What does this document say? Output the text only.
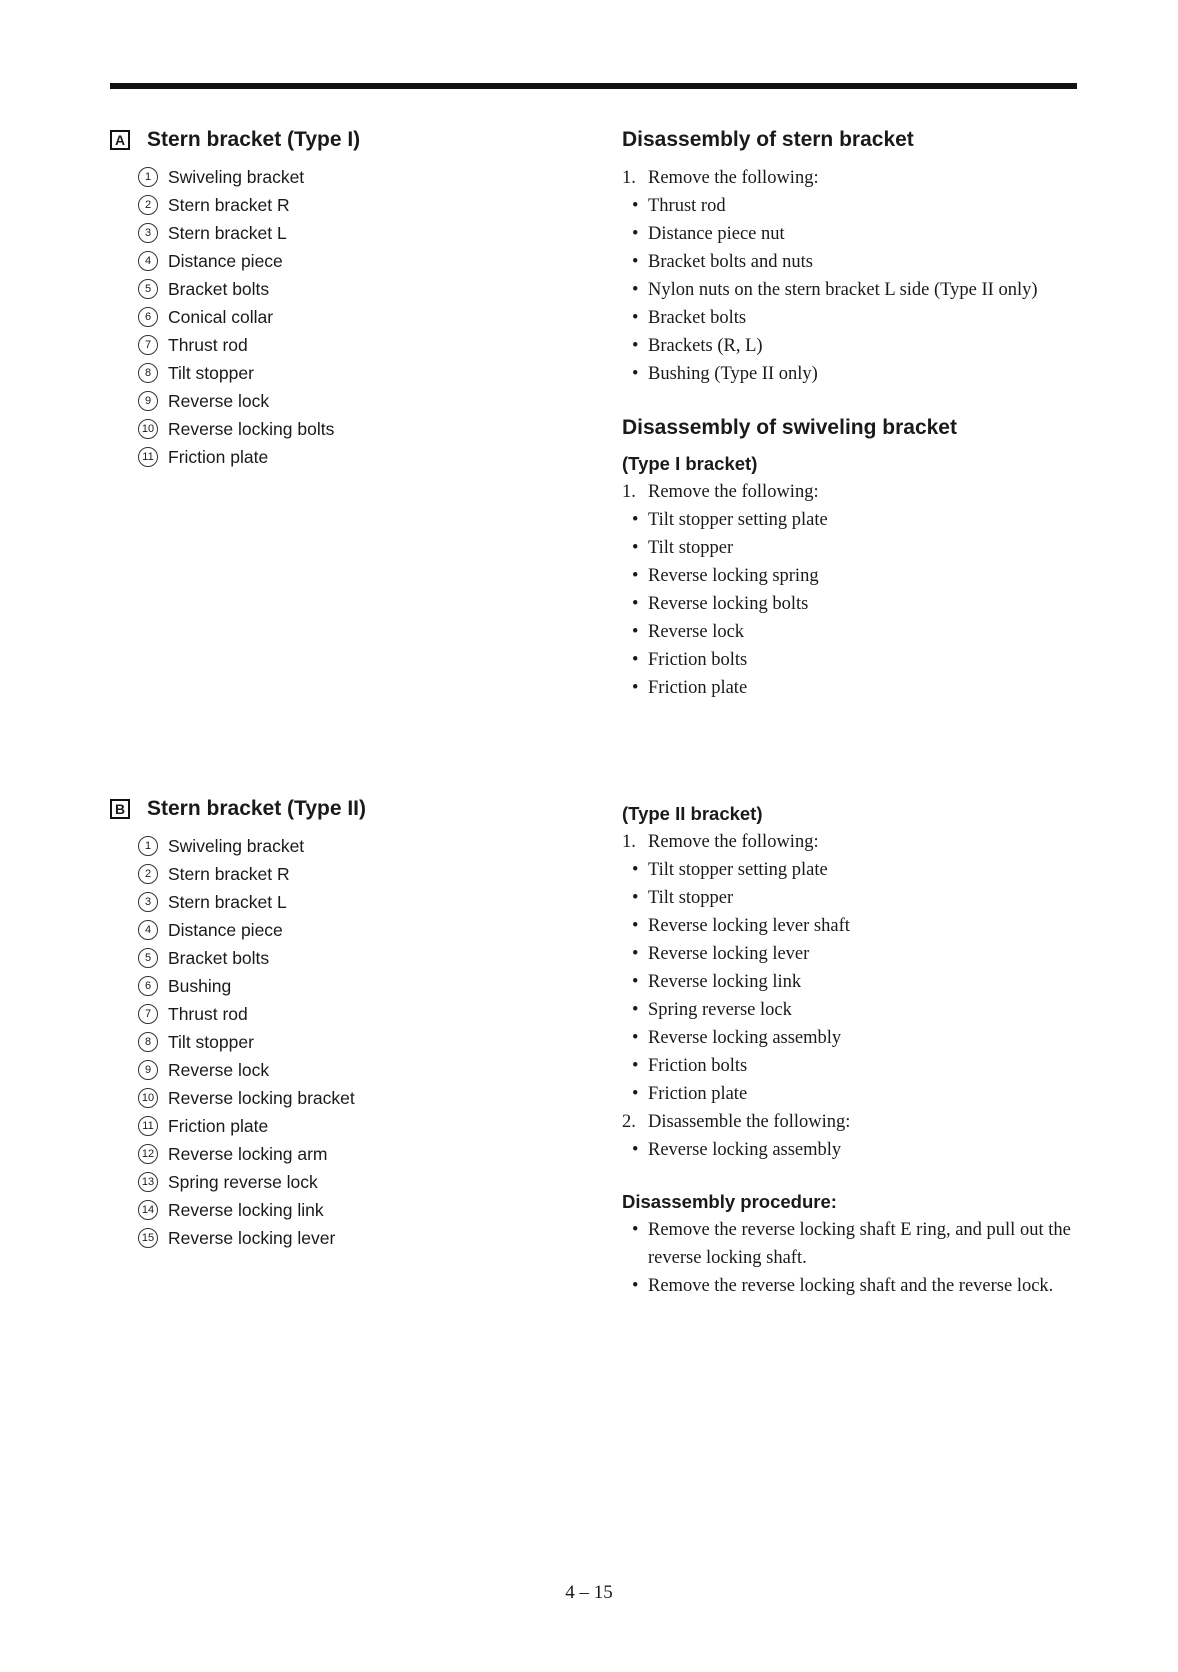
A Stern bracket (Type I)
1 Swiveling bracket
2 Stern bracket R
3 Stern bracket L
4 Distance piece
5 Bracket bolts
6 Conical collar
7 Thrust rod
8 Tilt stopper
9 Reverse lock
10 Reverse locking bolts
11 Friction plate
B Stern bracket (Type II)
1 Swiveling bracket
2 Stern bracket R
3 Stern bracket L
4 Distance piece
5 Bracket bolts
6 Bushing
7 Thrust rod
8 Tilt stopper
9 Reverse lock
10 Reverse locking bracket
11 Friction plate
12 Reverse locking arm
13 Spring reverse lock
14 Reverse locking link
15 Reverse locking lever
Disassembly of stern bracket
1. Remove the following:
• Thrust rod
• Distance piece nut
• Bracket bolts and nuts
• Nylon nuts on the stern bracket L side (Type II only)
• Bracket bolts
• Brackets (R, L)
• Bushing (Type II only)
Disassembly of swiveling bracket
(Type I bracket)
1. Remove the following:
• Tilt stopper setting plate
• Tilt stopper
• Reverse locking spring
• Reverse locking bolts
• Reverse lock
• Friction bolts
• Friction plate
(Type II bracket)
1. Remove the following:
• Tilt stopper setting plate
• Tilt stopper
• Reverse locking lever shaft
• Reverse locking lever
• Reverse locking link
• Spring reverse lock
• Reverse locking assembly
• Friction bolts
• Friction plate
2. Disassemble the following:
• Reverse locking assembly
Disassembly procedure:
• Remove the reverse locking shaft E ring, and pull out the reverse locking shaft.
• Remove the reverse locking shaft and the reverse lock.
4 – 15
